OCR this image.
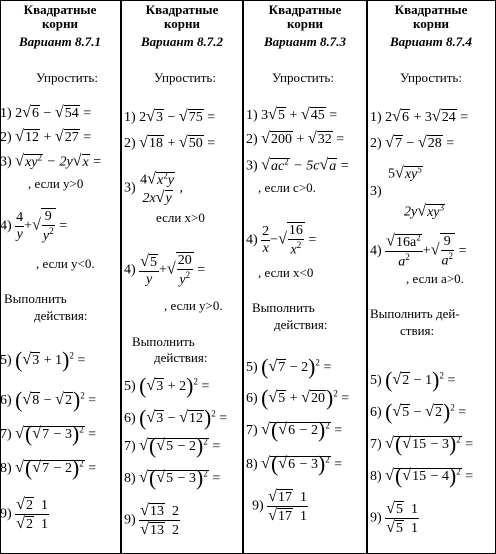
Квадратные
корни
Вариант 8.7.1
Упростить:
1) 2√6 − √54 =
2) √12 + √27 =
3) $√xy^2 - 2y√x$ =
, если y>0
$4) \frac{4}{y}$ +√ $\frac{9}{y^2}$ =
, если y<0.
Выполнить
действия:
5) $(√3 + 1)^2$ =
6) $(√8 - √2)^2$ =
7) $√(√7 - 3)^2$ =
8) $√(√7 - 2)^2$ =
$9) \frac{√2 1}{√2 1}$
Квадратные
корни
Вариант 8.7.2
Упростить:
1) 2√3 − √75 =
2) √18 + √50 =
3)
$4√x^2y$
2x√y
,
если x>0
$4) \frac{√5}{y}$ +√ $\frac{20}{y^2}$ =
, если y>0.
Выполнить
действия:
5) $(√3 + 2)^2$ =
6) $(√3 - √12)^2$ =
7) $√(√5 - 2)^2$ =
8) $√(√5 - 3)^2$ =
$9) \frac{√13 2}{√13 2}$
Квадратные
корни
Вариант 8.7.3
Упростить:
1) 3√5 + √45 =
2) √200 + √32 =
3) $√ac^2 - 5c√a$ =
, если c>0.
$4) \frac{2}{x}$ −√ $\frac{16}{x^2}$ =
, если x<0
Выполнить
действия:
5) $(√7 - 2)^2$ =
6) $(√5 + √20)^2$ =
7) $√(√6 - 2)^2$ =
8) $√(√6 - 3)^2$ =
$9) \frac{√17 1}{√17 1}$
Квадратные
корни
Вариант 8.7.4
Упростить:
1) 2√6 + 3√24 =
2) √7 − √28 =
$5√xy^5$
3)
$2y√xy^3$
$4) \frac{√16a^2}{a^2}$ +√ $\frac{9}{a^2}$ =
, если a>0.
Выполнить дей-
ствия:
5) $(√2 - 1)^2$ =
6) $(√5 - √2)^2$ =
7) $√(√15 - 3)^2$ =
8) $√(√15 - 4)^2$ =
$9) \frac{√5 1}{√5 1}$
